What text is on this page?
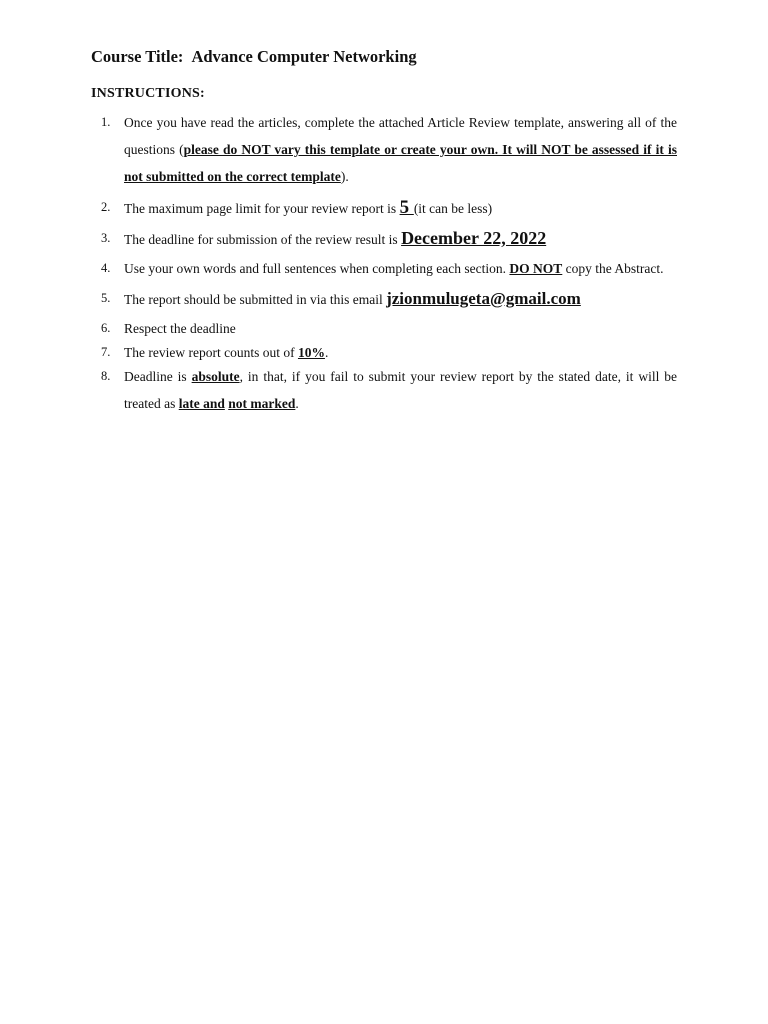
Course Title: Advance Computer Networking
INSTRUCTIONS:
1. Once you have read the articles, complete the attached Article Review template, answering all of the questions (please do NOT vary this template or create your own. It will NOT be assessed if it is not submitted on the correct template).
2. The maximum page limit for your review report is 5 (it can be less)
3. The deadline for submission of the review result is December 22, 2022
4. Use your own words and full sentences when completing each section. DO NOT copy the Abstract.
5. The report should be submitted in via this email jzionmulugeta@gmail.com
6. Respect the deadline
7. The review report counts out of 10%.
8. Deadline is absolute, in that, if you fail to submit your review report by the stated date, it will be treated as late and not marked.
